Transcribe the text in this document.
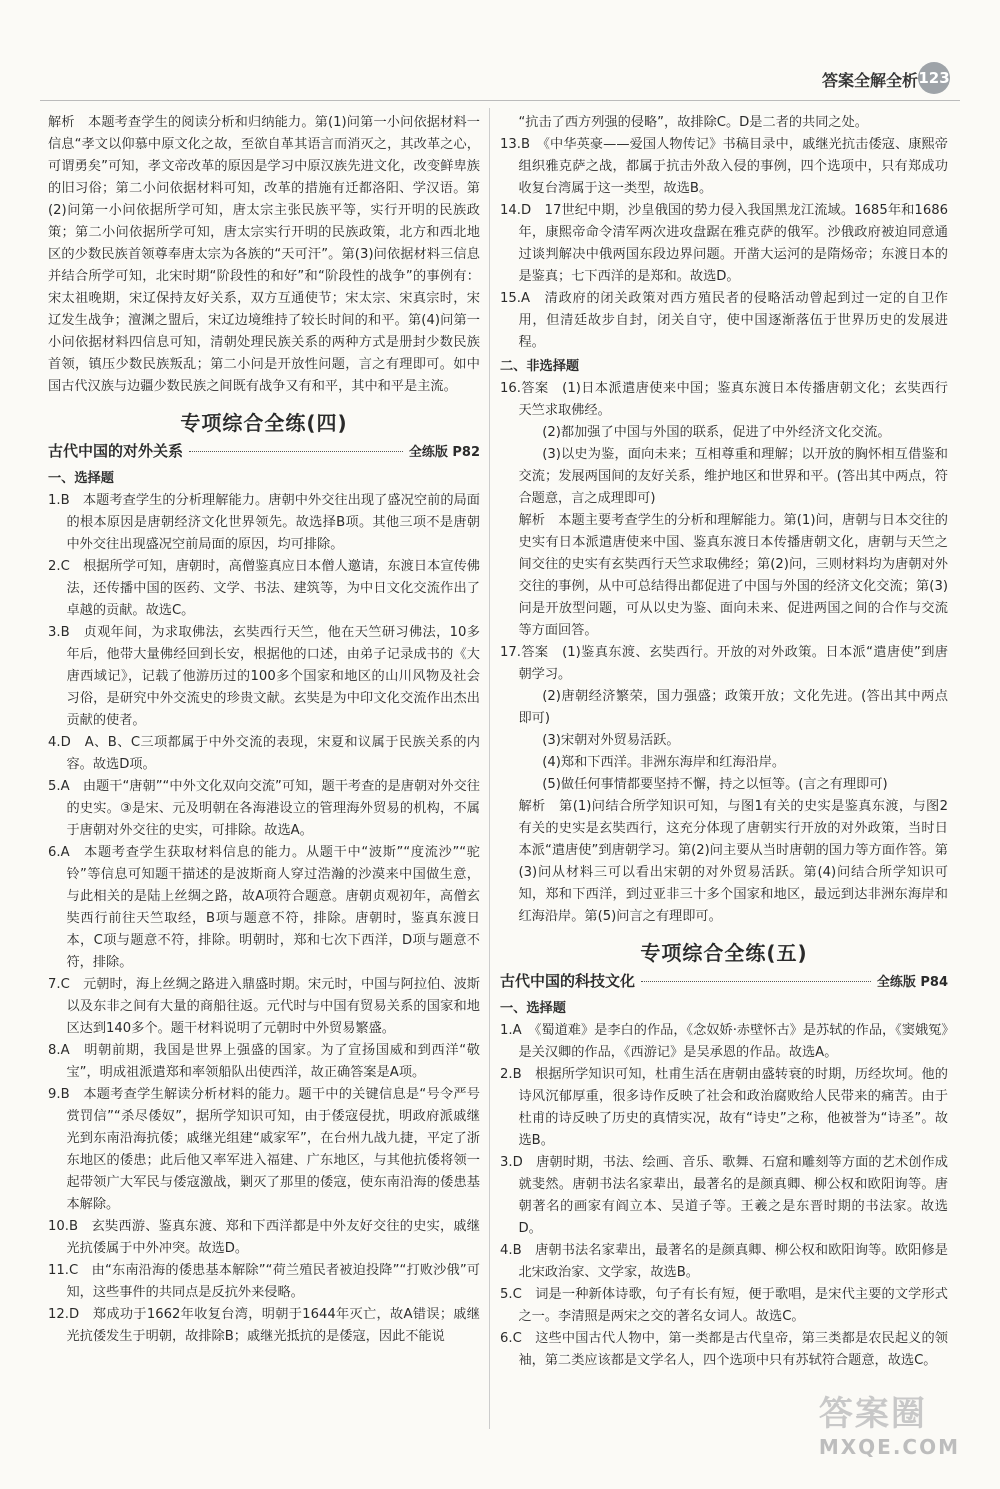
答案全解全析 123

解析　本题考查学生的阅读分析和归纳能力。第(1)问第一小问依据材料一信息“孝文以仰慕中原文化之故，至欲自革其语言而消灭之，其改革之心，可谓勇矣”可知，孝文帝改革的原因是学习中原汉族先进文化，改变鲜卑族的旧习俗；第二小问依据材料可知，改革的措施有迁都洛阳、学汉语。第(2)问第一小问依据所学可知，唐太宗主张民族平等，实行开明的民族政策；第二小问依据所学可知，唐太宗实行开明的民族政策，北方和西北地区的少数民族首领尊奉唐太宗为各族的“天可汗”。第(3)问依据材料三信息并结合所学可知，北宋时期“阶段性的和好”和“阶段性的战争”的事例有：宋太祖晚期，宋辽保持友好关系，双方互通使节；宋太宗、宋真宗时，宋辽发生战争；澶渊之盟后，宋辽边境维持了较长时间的和平。第(4)问第一小问依据材料四信息可知，清朝处理民族关系的两种方式是册封少数民族首领，镇压少数民族叛乱；第二小问是开放性问题，言之有理即可。如中国古代汉族与边疆少数民族之间既有战争又有和平，其中和平是主流。

专项综合全练(四)
古代中国的对外关系	全练版 P82
一、选择题

1.B　本题考查学生的分析理解能力。唐朝中外交往出现了盛况空前的局面的根本原因是唐朝经济文化世界领先。故选择B项。其他三项不是唐朝中外交往出现盛况空前局面的原因，均可排除。

2.C　根据所学可知，唐朝时，高僧鉴真应日本僧人邀请，东渡日本宣传佛法，还传播中国的医药、文学、书法、建筑等，为中日文化交流作出了卓越的贡献。故选C。

3.B　贞观年间，为求取佛法，玄奘西行天竺，他在天竺研习佛法，10多年后，他带大量佛经回到长安，根据他的口述，由弟子记录成书的《大唐西域记》，记载了他游历过的100多个国家和地区的山川风物及社会习俗，是研究中外交流史的珍贵文献。玄奘是为中印文化交流作出杰出贡献的使者。

4.D　A、B、C三项都属于中外交流的表现，宋夏和议属于民族关系的内容。故选D项。

5.A　由题干“唐朝”“中外文化双向交流”可知，题干考查的是唐朝对外交往的史实。③是宋、元及明朝在各海港设立的管理海外贸易的机构，不属于唐朝对外交往的史实，可排除。故选A。

6.A　本题考查学生获取材料信息的能力。从题干中“波斯”“度流沙”“驼铃”等信息可知题干描述的是波斯商人穿过浩瀚的沙漠来中国做生意，与此相关的是陆上丝绸之路，故A项符合题意。唐朝贞观初年，高僧玄奘西行前往天竺取经，B项与题意不符，排除。唐朝时，鉴真东渡日本，C项与题意不符，排除。明朝时，郑和七次下西洋，D项与题意不符，排除。

7.C　元朝时，海上丝绸之路进入鼎盛时期。宋元时，中国与阿拉伯、波斯以及东非之间有大量的商船往返。元代时与中国有贸易关系的国家和地区达到140多个。题干材料说明了元朝时中外贸易繁盛。

8.A　明朝前期，我国是世界上强盛的国家。为了宣扬国威和到西洋“敬宝”，明成祖派遣郑和率领船队出使西洋，故正确答案是A项。

9.B　本题考查学生解读分析材料的能力。题干中的关键信息是“号令严号赏罚信”“杀尽倭奴”，据所学知识可知，由于倭寇侵扰，明政府派戚继光到东南沿海抗倭；戚继光组建“戚家军”，在台州九战九捷，平定了浙东地区的倭患；此后他又率军进入福建、广东地区，与其他抗倭将领一起带领广大军民与倭寇激战，剿灭了那里的倭寇，使东南沿海的倭患基本解除。

10.B　玄奘西游、鉴真东渡、郑和下西洋都是中外友好交往的史实，戚继光抗倭属于中外冲突。故选D。

11.C　由“东南沿海的倭患基本解除”“荷兰殖民者被迫投降”“打败沙俄”可知，这些事件的共同点是反抗外来侵略。

12.D　郑成功于1662年收复台湾，明朝于1644年灭亡，故A错误；戚继光抗倭发生于明朝，故排除B；戚继光抵抗的是倭寇，因此不能说

“抗击了西方列强的侵略”，故排除C。D是二者的共同之处。

13.B　《中华英豪——爱国人物传记》书稿目录中，戚继光抗击倭寇、康熙帝组织雅克萨之战，都属于抗击外敌入侵的事例，四个选项中，只有郑成功收复台湾属于这一类型，故选B。

14.D　17世纪中期，沙皇俄国的势力侵入我国黑龙江流域。1685年和1686年，康熙帝命令清军两次进攻盘踞在雅克萨的俄军。沙俄政府被迫同意通过谈判解决中俄两国东段边界问题。开凿大运河的是隋炀帝；东渡日本的是鉴真；七下西洋的是郑和。故选D。

15.A　清政府的闭关政策对西方殖民者的侵略活动曾起到过一定的自卫作用，但清廷故步自封，闭关自守，使中国逐渐落伍于世界历史的发展进程。

二、非选择题

16.答案　(1)日本派遣唐使来中国；鉴真东渡日本传播唐朝文化；玄奘西行天竺求取佛经。

(2)都加强了中国与外国的联系，促进了中外经济文化交流。

(3)以史为鉴，面向未来；互相尊重和理解；以开放的胸怀相互借鉴和交流；发展两国间的友好关系，维护地区和世界和平。(答出其中两点，符合题意，言之成理即可)

解析　本题主要考查学生的分析和理解能力。第(1)问，唐朝与日本交往的史实有日本派遣唐使来中国、鉴真东渡日本传播唐朝文化，唐朝与天竺之间交往的史实有玄奘西行天竺求取佛经；第(2)问，三则材料均为唐朝对外交往的事例，从中可总结得出都促进了中国与外国的经济文化交流；第(3)问是开放型问题，可从以史为鉴、面向未来、促进两国之间的合作与交流等方面回答。

17.答案　(1)鉴真东渡、玄奘西行。开放的对外政策。日本派“遣唐使”到唐朝学习。

(2)唐朝经济繁荣，国力强盛；政策开放；文化先进。(答出其中两点即可)

(3)宋朝对外贸易活跃。

(4)郑和下西洋。非洲东海岸和红海沿岸。

(5)做任何事情都要坚持不懈，持之以恒等。(言之有理即可)

解析　第(1)问结合所学知识可知，与图1有关的史实是鉴真东渡，与图2有关的史实是玄奘西行，这充分体现了唐朝实行开放的对外政策，当时日本派“遣唐使”到唐朝学习。第(2)问主要从当时唐朝的国力等方面作答。第(3)问从材料三可以看出宋朝的对外贸易活跃。第(4)问结合所学知识可知，郑和下西洋，到过亚非三十多个国家和地区，最远到达非洲东海岸和红海沿岸。第(5)问言之有理即可。

专项综合全练(五)
古代中国的科技文化	全练版 P84
一、选择题

1.A　《蜀道难》是李白的作品，《念奴娇·赤壁怀古》是苏轼的作品，《窦娥冤》是关汉卿的作品，《西游记》是吴承恩的作品。故选A。

2.B　根据所学知识可知，杜甫生活在唐朝由盛转衰的时期，历经坎坷。他的诗风沉郁厚重，很多诗作反映了社会和政治腐败给人民带来的痛苦。由于杜甫的诗反映了历史的真情实况，故有“诗史”之称，他被誉为“诗圣”。故选B。

3.D　唐朝时期，书法、绘画、音乐、歌舞、石窟和雕刻等方面的艺术创作成就斐然。唐朝书法名家辈出，最著名的是颜真卿、柳公权和欧阳询等。唐朝著名的画家有阎立本、吴道子等。王羲之是东晋时期的书法家。故选D。

4.B　唐朝书法名家辈出，最著名的是颜真卿、柳公权和欧阳询等。欧阳修是北宋政治家、文学家，故选B。

5.C　词是一种新体诗歌，句子有长有短，便于歌唱，是宋代主要的文学形式之一。李清照是两宋之交的著名女词人。故选C。

6.C　这些中国古代人物中，第一类都是古代皇帝，第三类都是农民起义的领袖，第二类应该都是文学名人，四个选项中只有苏轼符合题意，故选C。

答案圈
MXQE.COM
